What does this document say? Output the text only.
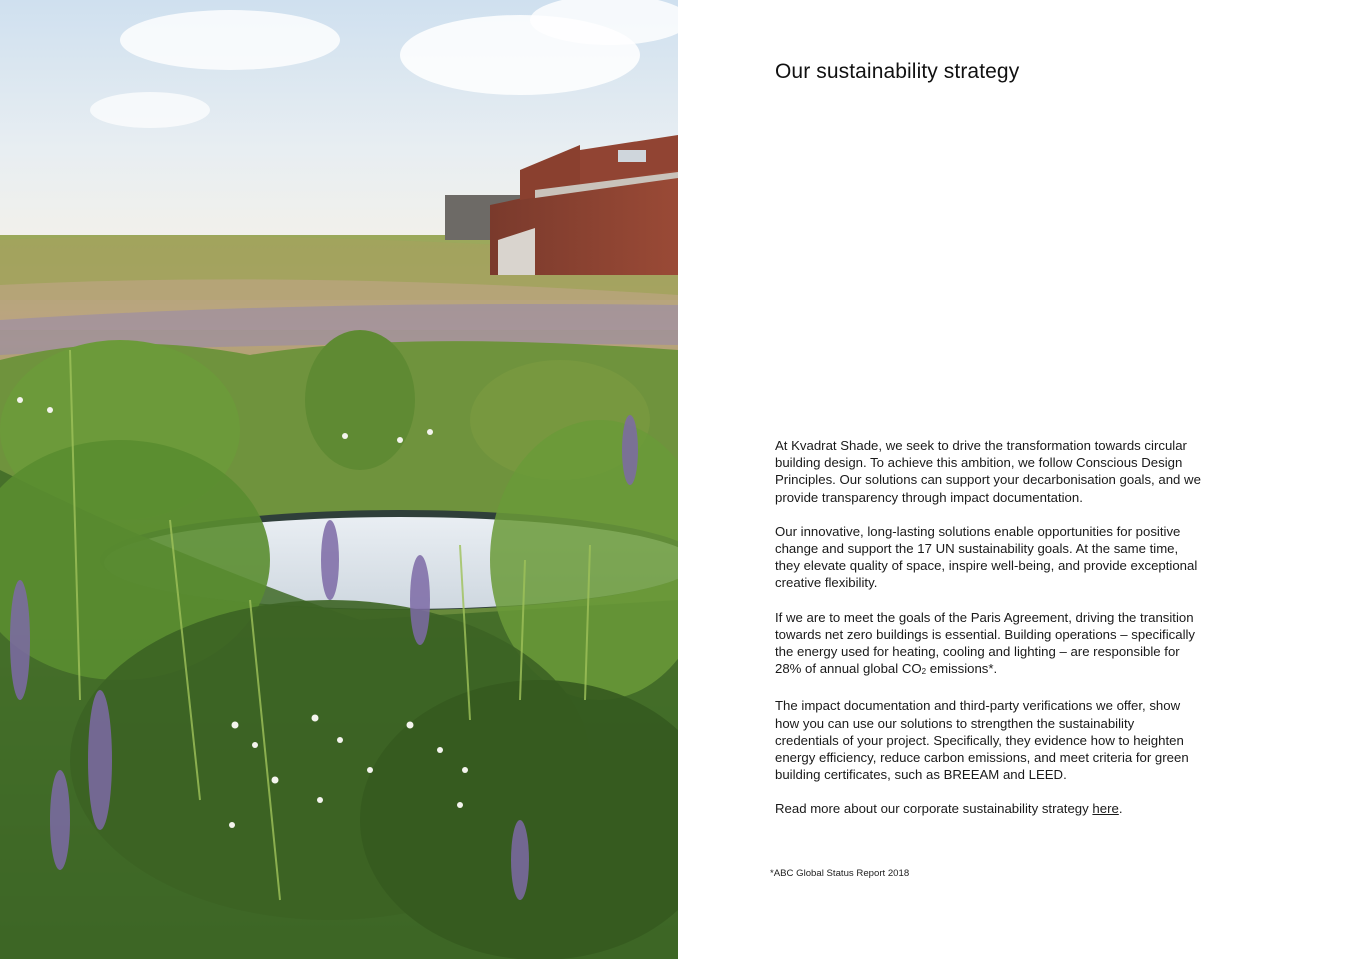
Our sustainability strategy

At Kvadrat Shade, we seek to drive the transformation towards circular building design. To achieve this ambition, we follow Conscious Design Principles. Our solutions can support your decarbonisation goals, and we provide transparency through impact documentation.

Our innovative, long-lasting solutions enable opportunities for positive change and support the 17 UN sustainability goals. At the same time, they elevate quality of space, inspire well-being, and provide exceptional creative flexibility.

If we are to meet the goals of the Paris Agreement, driving the transition towards net zero buildings is essential. Building operations – specifically the energy used for heating, cooling and lighting – are responsible for 28% of annual global $CO_2$ emissions*.

The impact documentation and third-party verifications we offer, show how you can use our solutions to strengthen the sustainability credentials of your project. Specifically, they evidence how to heighten energy efficiency, reduce carbon emissions, and meet criteria for green building certificates, such as BREEAM and LEED.

Read more about our corporate sustainability strategy here.

*ABC Global Status Report 2018
